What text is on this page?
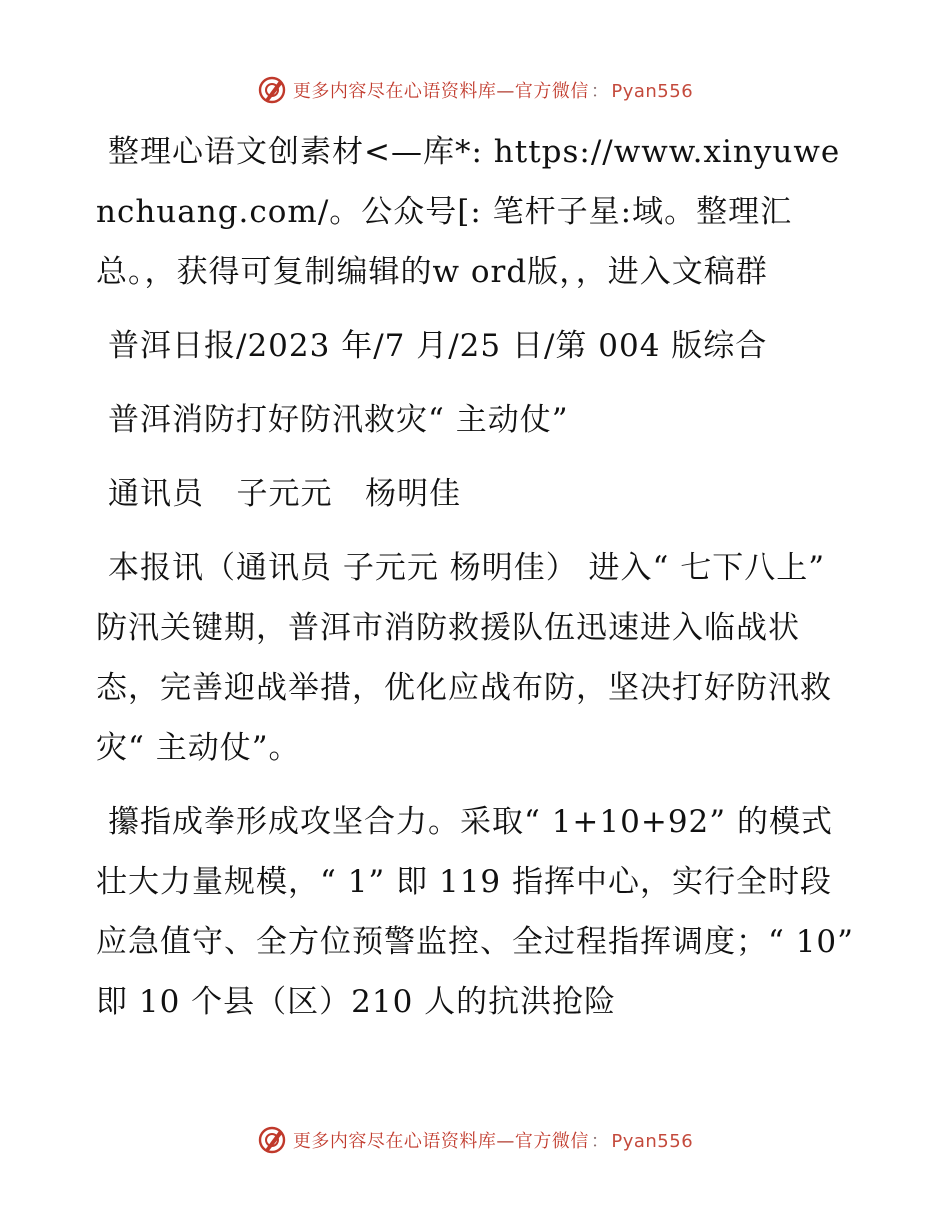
更多内容尽在心语资料库—官方微信 ： Pyan556

整理心语文创素材<—库*: https://www.xinyuwenchuang.com/。公众号[: 笔杆子星:域。整理汇总。，获得可复制编辑的w ord版，，进入文稿群

普洱日报/2023 年/7 月/25 日/第 004 版综合

普洱消防打好防汛救灾“ 主动仗”

通讯员   子元元   杨明佳

本报讯（通讯员 子元元 杨明佳） 进入“ 七下八上” 防汛关键期，普洱市消防救援队伍迅速进入临战状态，完善迎战举措，优化应战布防，坚决打好防汛救灾“ 主动仗”。

攥指成拳形成攻坚合力。采取“ 1+10+92” 的模式壮大力量规模，“ 1” 即 119 指挥中心，实行全时段应急值守、全方位预警监控、全过程指挥调度；“ 10” 即 10 个县（区）210 人的抗洪抢险

更多内容尽在心语资料库—官方微信 ： Pyan556
